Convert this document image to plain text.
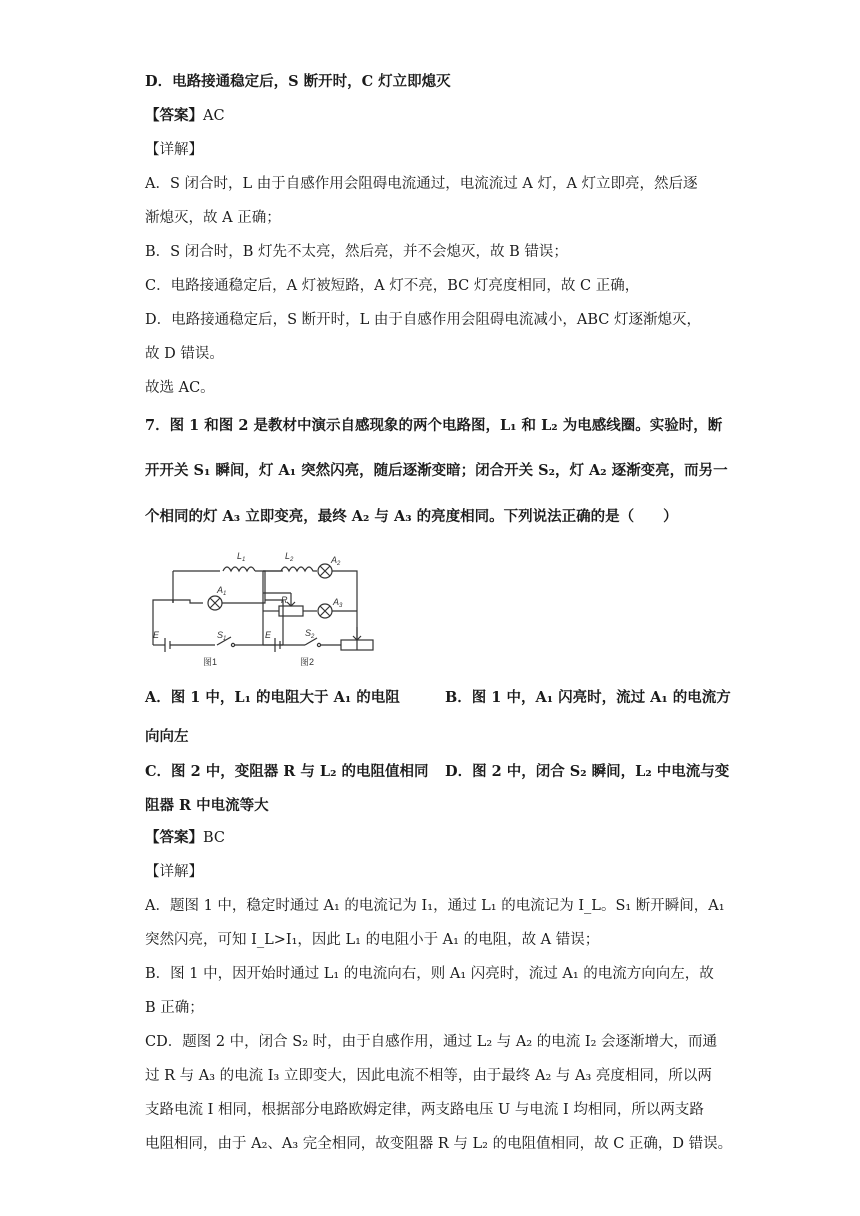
D．电路接通稳定后，S 断开时，C 灯立即熄灭
【答案】AC
【详解】
A．S 闭合时，L 由于自感作用会阻碍电流通过，电流流过 A 灯，A 灯立即亮，然后逐
渐熄灭，故 A 正确；
B．S 闭合时，B 灯先不太亮，然后亮，并不会熄灭，故 B 错误；
C．电路接通稳定后，A 灯被短路，A 灯不亮，BC 灯亮度相同，故 C 正确，
D．电路接通稳定后，S 断开时，L 由于自感作用会阻碍电流减小，ABC 灯逐渐熄灭，
故 D 错误。
故选 AC。
7．图 1 和图 2 是教材中演示自感现象的两个电路图，L₁ 和 L₂ 为电感线圈。实验时，断
开开关 S₁ 瞬间，灯 A₁ 突然闪亮，随后逐渐变暗；闭合开关 S₂，灯 A₂ 逐渐变亮，而另一
个相同的灯 A₃ 立即变亮，最终 A₂ 与 A₃ 的亮度相同。下列说法正确的是（　　）
$L_1$
$A_1$
E	$S_1$
$L_2$	$A_2$
R	$A_3$
E	$S_2$
图1	图2
A．图 1 中，L₁ 的电阻大于 A₁ 的电阻	B．图 1 中，A₁ 闪亮时，流过 A₁ 的电流方
向向左
C．图 2 中，变阻器 R 与 L₂ 的电阻值相同 D．图 2 中，闭合 S₂ 瞬间，L₂ 中电流与变
阻器 R 中电流等大
【答案】BC
【详解】
A．题图 1 中，稳定时通过 A₁ 的电流记为 I₁，通过 L₁ 的电流记为 I_L。S₁ 断开瞬间，A₁
突然闪亮，可知 I_L>I₁，因此 L₁ 的电阻小于 A₁ 的电阻，故 A 错误；
B．图 1 中，因开始时通过 L₁ 的电流向右，则 A₁ 闪亮时，流过 A₁ 的电流方向向左，故
B 正确；
CD．题图 2 中，闭合 S₂ 时，由于自感作用，通过 L₂ 与 A₂ 的电流 I₂ 会逐渐增大，而通
过 R 与 A₃ 的电流 I₃ 立即变大，因此电流不相等，由于最终 A₂ 与 A₃ 亮度相同，所以两
支路电流 I 相同，根据部分电路欧姆定律，两支路电压 U 与电流 I 均相同，所以两支路
电阻相同，由于 A₂、A₃ 完全相同，故变阻器 R 与 L₂ 的电阻值相同，故 C 正确，D 错误。
